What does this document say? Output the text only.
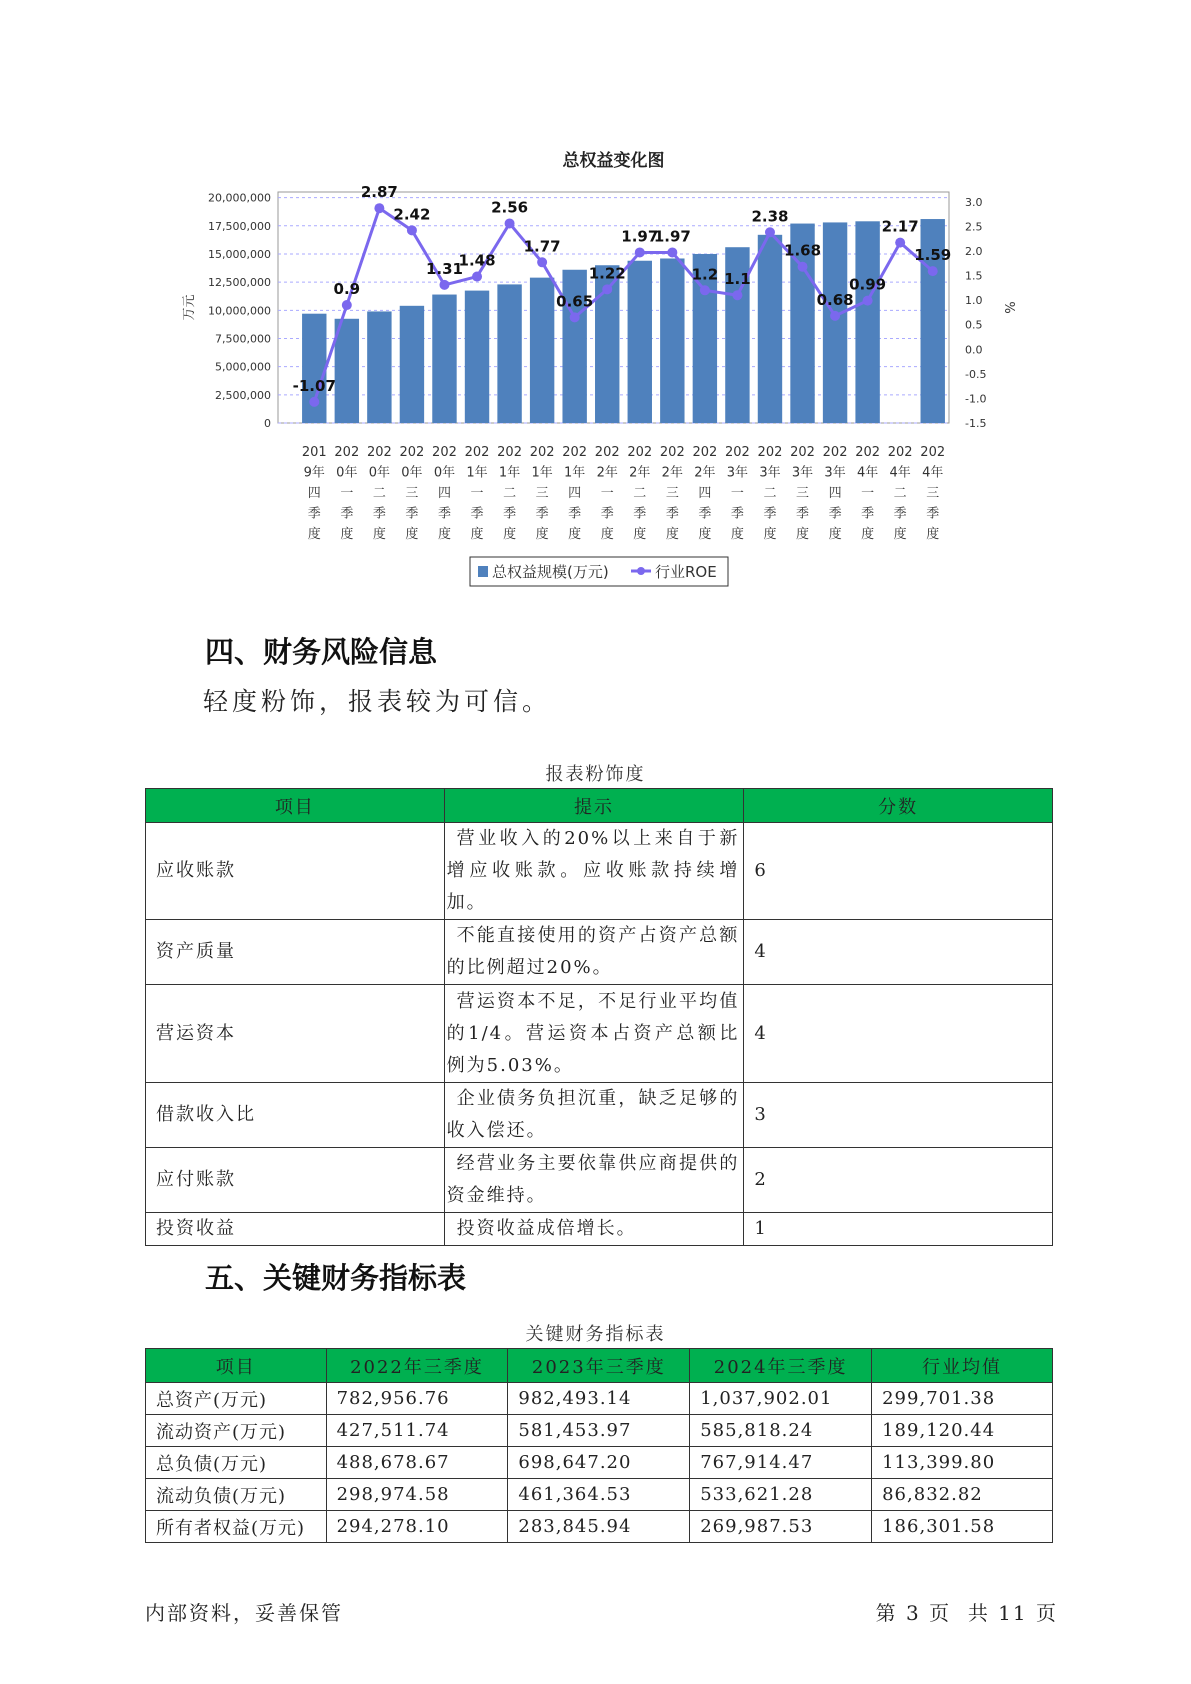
总权益变化图
0
2,500,000
5,000,000
7,500,000
10,000,000
12,500,000
15,000,000
17,500,000
20,000,000
-1.5
-1.0
-0.5
0.0
0.5
1.0
1.5
2.0
2.5
3.0
万元	%
-1.07
0.9
2.87
2.42
1.31
1.48
2.56
1.77
0.65
1.22
1.97
1.97
1.2 1.1
2.38
1.68
0.68
0.99
2.17
1.59
201
9年
四
季
度
202
0年
一
季
度
202
0年
二
季
度
202
0年
三
季
度
202
0年
四
季
度
202
1年
一
季
度
202
1年
二
季
度
202
1年
三
季
度
202
1年
四
季
度
202
2年
一
季
度
202
2年
二
季
度
202
2年
三
季
度
202
2年
四
季
度
202
3年
一
季
度
202
3年
二
季
度
202
3年
三
季
度
202
3年
四
季
度
202
4年
一
季
度
202
4年
二
季
度
202
4年
三
季
度
总权益规模(万元)	行业ROE
四、财务风险信息

轻度粉饰，报表较为可信。

报表粉饰度
项目	提示	分数
应收账款	营业收入的20%以上来自于新增应收账款。应收账款持续增加。	6
资产质量	不能直接使用的资产占资产总额的比例超过20%。	4
营运资本	营运资本不足，不足行业平均值的1/4。营运资本占资产总额比例为5.03%。	4
借款收入比	企业债务负担沉重，缺乏足够的收入偿还。	3
应付账款	经营业务主要依靠供应商提供的资金维持。	2
投资收益	投资收益成倍增长。	1
五、关键财务指标表
关键财务指标表
项目	2022年三季度	2023年三季度	2024年三季度	行业均值
总资产(万元)	782,956.76	982,493.14	1,037,902.01	299,701.38
流动资产(万元)	427,511.74	581,453.97	585,818.24	189,120.44
总负债(万元)	488,678.67	698,647.20	767,914.47	113,399.80
流动负债(万元)	298,974.58	461,364.53	533,621.28	86,832.82
所有者权益(万元)	294,278.10	283,845.94	269,987.53	186,301.58
内部资料，妥善保管	第 3 页  共 11 页
